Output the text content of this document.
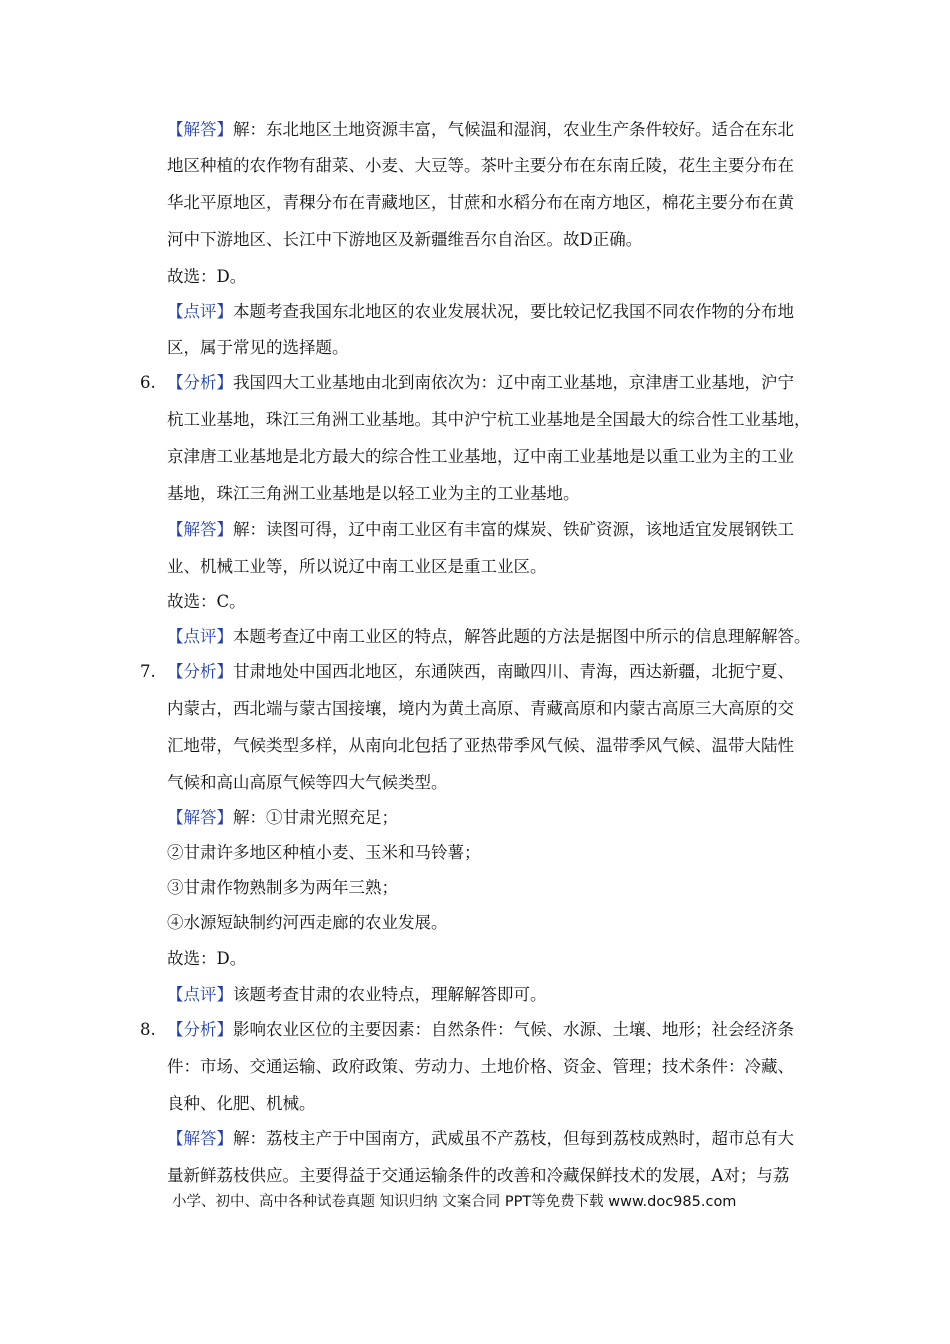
【解答】解：东北地区土地资源丰富，气候温和湿润，农业生产条件较好。适合在东北
地区种植的农作物有甜菜、小麦、大豆等。茶叶主要分布在东南丘陵，花生主要分布在
华北平原地区，青稞分布在青藏地区，甘蔗和水稻分布在南方地区，棉花主要分布在黄
河中下游地区、长江中下游地区及新疆维吾尔自治区。故D正确。
故选：D。
【点评】本题考查我国东北地区的农业发展状况，要比较记忆我国不同农作物的分布地
区，属于常见的选择题。
6. 【分析】我国四大工业基地由北到南依次为：辽中南工业基地，京津唐工业基地，沪宁
杭工业基地，珠江三角洲工业基地。其中沪宁杭工业基地是全国最大的综合性工业基地，
京津唐工业基地是北方最大的综合性工业基地，辽中南工业基地是以重工业为主的工业
基地，珠江三角洲工业基地是以轻工业为主的工业基地。
【解答】解：读图可得，辽中南工业区有丰富的煤炭、铁矿资源，该地适宜发展钢铁工
业、机械工业等，所以说辽中南工业区是重工业区。
故选：C。
【点评】本题考查辽中南工业区的特点，解答此题的方法是据图中所示的信息理解解答。
7. 【分析】甘肃地处中国西北地区，东通陕西，南瞰四川、青海，西达新疆，北扼宁夏、
内蒙古，西北端与蒙古国接壤，境内为黄土高原、青藏高原和内蒙古高原三大高原的交
汇地带，气候类型多样，从南向北包括了亚热带季风气候、温带季风气候、温带大陆性
气候和高山高原气候等四大气候类型。
【解答】解：①甘肃光照充足；
②甘肃许多地区种植小麦、玉米和马铃薯；
③甘肃作物熟制多为两年三熟；
④水源短缺制约河西走廊的农业发展。
故选：D。
【点评】该题考查甘肃的农业特点，理解解答即可。
8. 【分析】影响农业区位的主要因素：自然条件：气候、水源、土壤、地形；社会经济条
件：市场、交通运输、政府政策、劳动力、土地价格、资金、管理；技术条件：冷藏、
良种、化肥、机械。
【解答】解：荔枝主产于中国南方，武威虽不产荔枝，但每到荔枝成熟时，超市总有大
量新鲜荔枝供应。主要得益于交通运输条件的改善和冷藏保鲜技术的发展，A对；与荔
小学、初中、高中各种试卷真题 知识归纳 文案合同 PPT等免费下载 www.doc985.com
